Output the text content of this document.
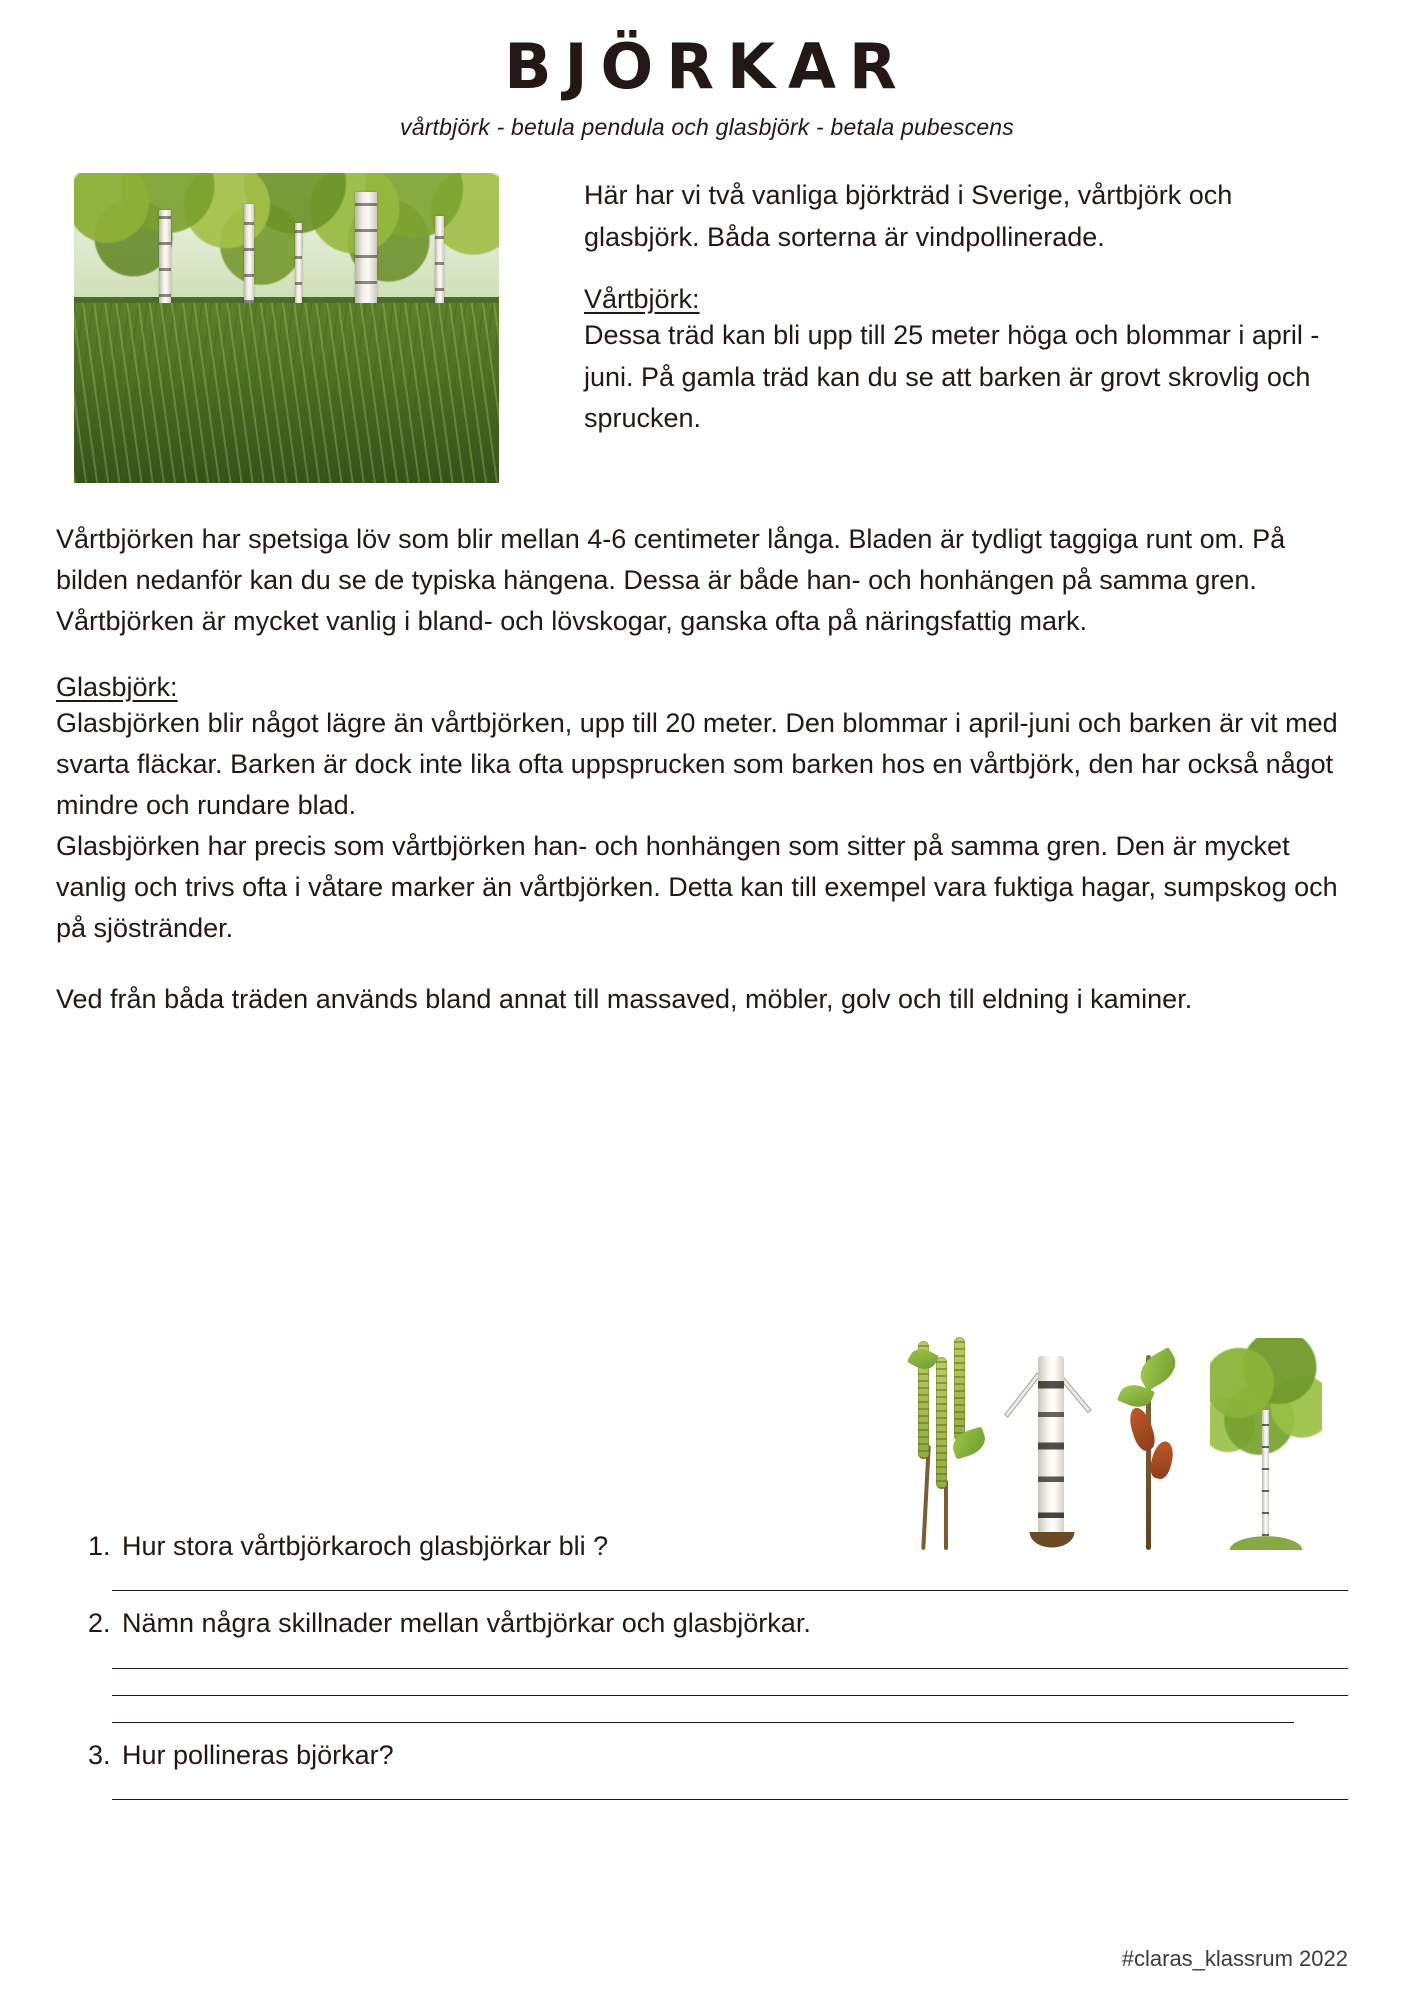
BJÖRKAR
vårtbjörk - betula pendula och glasbjörk - betala pubescens

Här har vi två vanliga björkträd i Sverige, vårtbjörk och glasbjörk. Båda sorterna är vindpollinerade.

Vårtbjörk:

Dessa träd kan bli upp till 25 meter höga och blommar i april - juni. På gamla träd kan du se att barken är grovt skrovlig och sprucken.

Vårtbjörken har spetsiga löv som blir mellan 4-6 centimeter långa. Bladen är tydligt taggiga runt om. På bilden nedanför kan du se de typiska hängena. Dessa är både han- och honhängen på samma gren.

Vårtbjörken är mycket vanlig i bland- och lövskogar, ganska ofta på näringsfattig mark.

Glasbjörk:

Glasbjörken blir något lägre än vårtbjörken, upp till 20 meter. Den blommar i april-juni och barken är vit med svarta fläckar. Barken är dock inte lika ofta uppsprucken som barken hos en vårtbjörk, den har också något mindre och rundare blad.

Glasbjörken har precis som vårtbjörken han- och honhängen som sitter på samma gren. Den är mycket vanlig och trivs ofta i våtare marker än vårtbjörken. Detta kan till exempel vara fuktiga hagar, sumpskog och på sjöstränder.

Ved från båda träden används bland annat till massaved, möbler, golv och till eldning i kaminer.

1. Hur stora vårtbjörkaroch glasbjörkar bli ?
2. Nämn några skillnader mellan vårtbjörkar och glasbjörkar.
3. Hur pollineras björkar?
#claras_klassrum 2022
